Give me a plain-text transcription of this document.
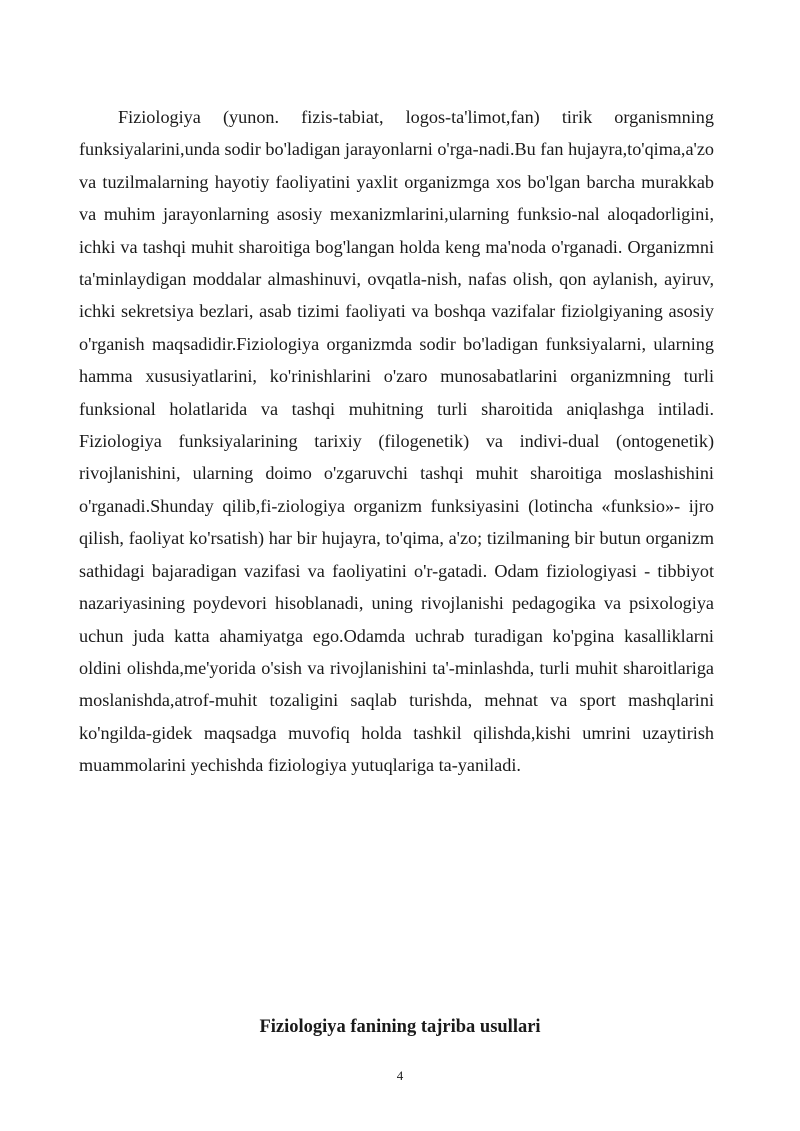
Fiziologiya (yunon. fizis-tabiat, logos-ta'limot,fan) tirik organismning funksiyalarini,unda sodir bo'ladigan jarayonlarni o'rga-nadi.Bu fan hujayra,to'qima,a'zo va tuzilmalarning hayotiy faoliyatini yaxlit organizmga xos bo'lgan barcha murakkab va muhim jarayonlarning asosiy mexanizmlarini,ularning funksio-nal aloqadorligini, ichki va tashqi muhit sharoitiga bog'langan holda keng ma'noda o'rganadi. Organizmni ta'minlaydigan moddalar almashinuvi, ovqatla-nish, nafas olish, qon aylanish, ayiruv, ichki sekretsiya bezlari, asab tizimi faoliyati va boshqa vazifalar fiziolgiyaning asosiy o'rganish maqsadidir.Fiziologiya organizmda sodir bo'ladigan funksiyalarni, ularning hamma xususiyatlarini, ko'rinishlarini o'zaro munosabatlarini organizmning turli funksional holatlarida va tashqi muhitning turli sharoitida aniqlashga intiladi. Fiziologiya funksiyalarining tarixiy (filogenetik) va indivi-dual (ontogenetik) rivojlanishini, ularning doimo o'zgaruvchi tashqi muhit sharoitiga moslashishini o'rganadi.Shunday qilib,fi-ziologiya organizm funksiyasini (lotincha «funksio»- ijro qilish, faoliyat ko'rsatish) har bir hujayra, to'qima, a'zo; tizilmaning bir butun organizm sathidagi bajaradigan vazifasi va faoliyatini o'r-gatadi. Odam fiziologiyasi - tibbiyot nazariyasining poydevori hisoblanadi, uning rivojlanishi pedagogika va psixologiya uchun juda katta ahamiyatga ego.Odamda uchrab turadigan ko'pgina kasalliklarni oldini olishda,me'yorida o'sish va rivojlanishini ta'-minlashda, turli muhit sharoitlariga moslanishda,atrof-muhit tozaligini saqlab turishda, mehnat va sport mashqlarini ko'ngilda-gidek maqsadga muvofiq holda tashkil qilishda,kishi umrini uzaytirish muammolarini yechishda fiziologiya yutuqlariga ta-yaniladi.

Fiziologiya fanining tajriba usullari
4
